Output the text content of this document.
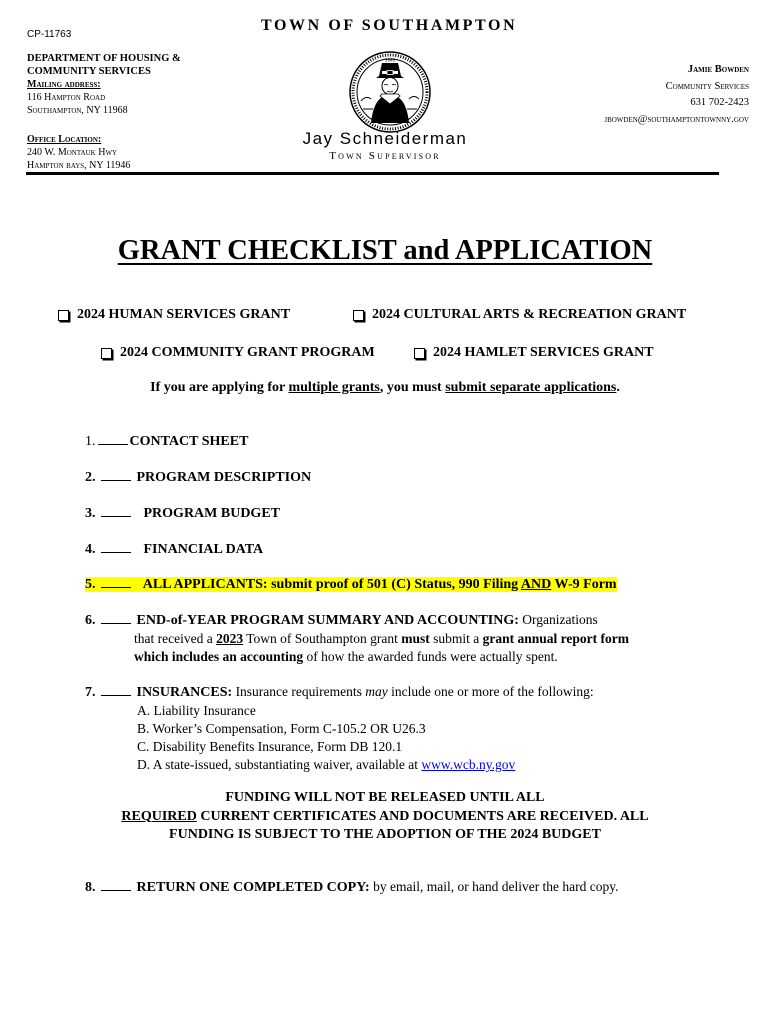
CP-11763
TOWN OF SOUTHAMPTON
DEPARTMENT OF HOUSING &
COMMUNITY SERVICES
Mailing address:
116 Hampton Road
Southampton, NY 11968
Office Location:
240 W. Montauk Hwy
Hampton bays, NY 11946
1640
Jay Schneiderman
Town Supervisor
Jamie Bowden
Community Services
631 702-2423
jbowden@southamptontownny.gov
GRANT CHECKLIST and APPLICATION
2024 HUMAN SERVICES GRANT	2024 CULTURAL ARTS & RECREATION GRANT
2024 COMMUNITY GRANT PROGRAM	2024 HAMLET SERVICES GRANT
If you are applying for multiple grants, you must submit separate applications.
1. CONTACT SHEET
2.	PROGRAM DESCRIPTION
3.	PROGRAM BUDGET
4.	FINANCIAL DATA
5.	ALL APPLICANTS: submit proof of 501 (C) Status, 990 Filing AND W-9 Form
6.	END-of-YEAR PROGRAM SUMMARY AND ACCOUNTING: Organizations
that received a 2023 Town of Southampton grant must submit a grant annual report form
which includes an accounting of how the awarded funds were actually spent.
7.	INSURANCES: Insurance requirements may include one or more of the following:
A. Liability Insurance
B. Worker’s Compensation, Form C-105.2 OR U26.3
C. Disability Benefits Insurance, Form DB 120.1
D. A state-issued, substantiating waiver, available at www.wcb.ny.gov
FUNDING WILL NOT BE RELEASED UNTIL ALL
REQUIRED CURRENT CERTIFICATES AND DOCUMENTS ARE RECEIVED. ALL
FUNDING IS SUBJECT TO THE ADOPTION OF THE 2024 BUDGET
8.	RETURN ONE COMPLETED COPY: by email, mail, or hand deliver the hard copy.
